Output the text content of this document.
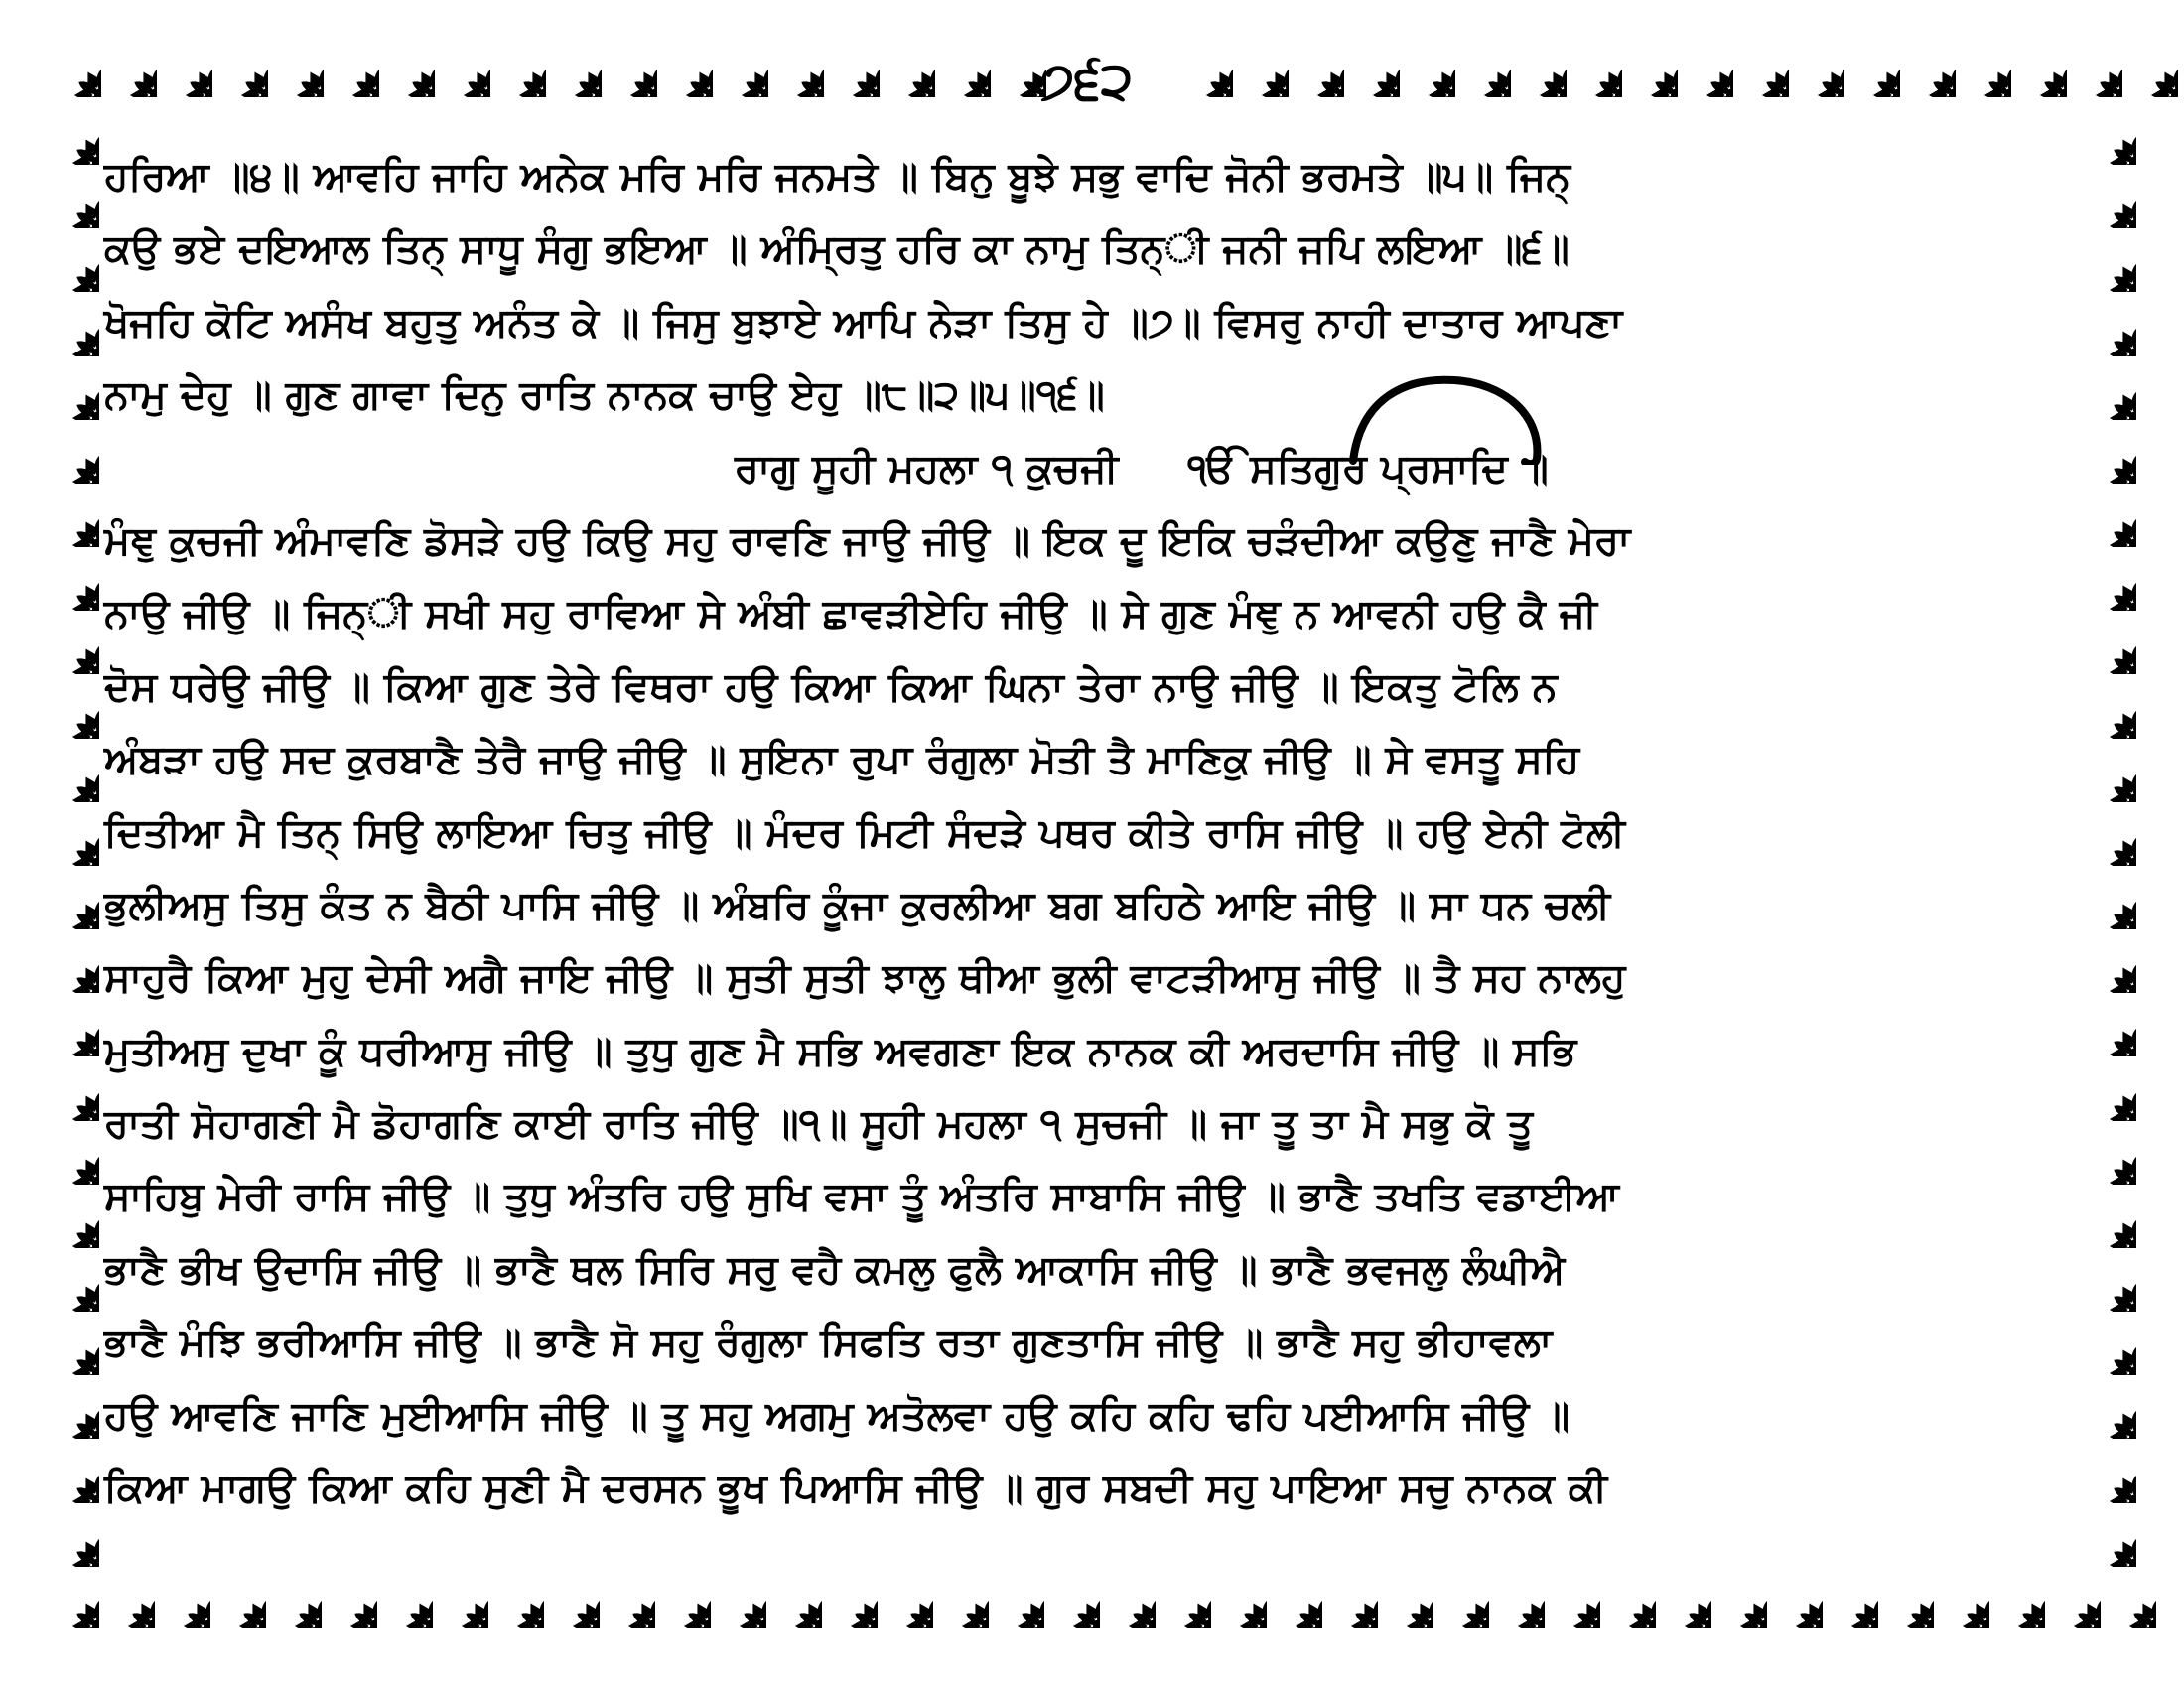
੭੬੨
ਹਰਿਆ ॥੪॥ ਆਵਹਿ ਜਾਹਿ ਅਨੇਕ ਮਰਿ ਮਰਿ ਜਨਮਤੇ ॥ ਬਿਨੁ ਬੂਝੇ ਸਭੁ ਵਾਦਿ ਜੋਨੀ ਭਰਮਤੇ ॥੫॥ ਜਿਨ੍
ਕਉ ਭਏ ਦਇਆਲ ਤਿਨ੍ ਸਾਧੂ ਸੰਗੁ ਭਇਆ ॥ ਅੰਮ੍ਰਿਤੁ ਹਰਿ ਕਾ ਨਾਮੁ ਤਿਨ੍ੀ ਜਨੀ ਜਪਿ ਲਇਆ ॥੬॥
ਖੋਜਹਿ ਕੋਟਿ ਅਸੰਖ ਬਹੁਤੁ ਅਨੰਤ ਕੇ ॥ ਜਿਸੁ ਬੁਝਾਏ ਆਪਿ ਨੇੜਾ ਤਿਸੁ ਹੇ ॥੭॥ ਵਿਸਰੁ ਨਾਹੀ ਦਾਤਾਰ ਆਪਣਾ
ਨਾਮੁ ਦੇਹੁ ॥ ਗੁਣ ਗਾਵਾ ਦਿਨੁ ਰਾਤਿ ਨਾਨਕ ਚਾਉ ਏਹੁ ॥੮॥੨॥੫॥੧੬॥
ਰਾਗੁ ਸੂਹੀ ਮਹਲਾ ੧ ਕੁਚਜੀ ੴ ਸਤਿਗੁਰ ਪ੍ਰਸਾਦਿ ॥
ਮੰਞੁ ਕੁਚਜੀ ਅੰਮਾਵਣਿ ਡੋਸੜੇ ਹਉ ਕਿਉ ਸਹੁ ਰਾਵਣਿ ਜਾਉ ਜੀਉ ॥ ਇਕ ਦੂ ਇਕਿ ਚੜੰਦੀਆ ਕਉਣੁ ਜਾਣੈ ਮੇਰਾ
ਨਾਉ ਜੀਉ ॥ ਜਿਨ੍ੀ ਸਖੀ ਸਹੁ ਰਾਵਿਆ ਸੇ ਅੰਬੀ ਛਾਵੜੀਏਹਿ ਜੀਉ ॥ ਸੇ ਗੁਣ ਮੰਞੁ ਨ ਆਵਨੀ ਹਉ ਕੈ ਜੀ
ਦੋਸ ਧਰੇਉ ਜੀਉ ॥ ਕਿਆ ਗੁਣ ਤੇਰੇ ਵਿਥਰਾ ਹਉ ਕਿਆ ਕਿਆ ਘਿਨਾ ਤੇਰਾ ਨਾਉ ਜੀਉ ॥ ਇਕਤੁ ਟੋਲਿ ਨ
ਅੰਬੜਾ ਹਉ ਸਦ ਕੁਰਬਾਣੈ ਤੇਰੈ ਜਾਉ ਜੀਉ ॥ ਸੁਇਨਾ ਰੁਪਾ ਰੰਗੁਲਾ ਮੋਤੀ ਤੈ ਮਾਣਿਕੁ ਜੀਉ ॥ ਸੇ ਵਸਤੂ ਸਹਿ
ਦਿਤੀਆ ਮੈ ਤਿਨ੍ ਸਿਉ ਲਾਇਆ ਚਿਤੁ ਜੀਉ ॥ ਮੰਦਰ ਮਿਟੀ ਸੰਦੜੇ ਪਥਰ ਕੀਤੇ ਰਾਸਿ ਜੀਉ ॥ ਹਉ ਏਨੀ ਟੋਲੀ
ਭੁਲੀਅਸੁ ਤਿਸੁ ਕੰਤ ਨ ਬੈਠੀ ਪਾਸਿ ਜੀਉ ॥ ਅੰਬਰਿ ਕੂੰਜਾ ਕੁਰਲੀਆ ਬਗ ਬਹਿਠੇ ਆਇ ਜੀਉ ॥ ਸਾ ਧਨ ਚਲੀ
ਸਾਹੁਰੈ ਕਿਆ ਮੁਹੁ ਦੇਸੀ ਅਗੈ ਜਾਇ ਜੀਉ ॥ ਸੁਤੀ ਸੁਤੀ ਝਾਲੁ ਥੀਆ ਭੁਲੀ ਵਾਟੜੀਆਸੁ ਜੀਉ ॥ ਤੈ ਸਹ ਨਾਲਹੁ
ਮੁਤੀਅਸੁ ਦੁਖਾ ਕੂੰ ਧਰੀਆਸੁ ਜੀਉ ॥ ਤੁਧੁ ਗੁਣ ਮੈ ਸਭਿ ਅਵਗਣਾ ਇਕ ਨਾਨਕ ਕੀ ਅਰਦਾਸਿ ਜੀਉ ॥ ਸਭਿ
ਰਾਤੀ ਸੋਹਾਗਣੀ ਮੈ ਡੋਹਾਗਣਿ ਕਾਈ ਰਾਤਿ ਜੀਉ ॥੧॥ ਸੂਹੀ ਮਹਲਾ ੧ ਸੁਚਜੀ ॥ ਜਾ ਤੂ ਤਾ ਮੈ ਸਭੁ ਕੋ ਤੂ
ਸਾਹਿਬੁ ਮੇਰੀ ਰਾਸਿ ਜੀਉ ॥ ਤੁਧੁ ਅੰਤਰਿ ਹਉ ਸੁਖਿ ਵਸਾ ਤੂੰ ਅੰਤਰਿ ਸਾਬਾਸਿ ਜੀਉ ॥ ਭਾਣੈ ਤਖਤਿ ਵਡਾਈਆ
ਭਾਣੈ ਭੀਖ ਉਦਾਸਿ ਜੀਉ ॥ ਭਾਣੈ ਥਲ ਸਿਰਿ ਸਰੁ ਵਹੈ ਕਮਲੁ ਫੁਲੈ ਆਕਾਸਿ ਜੀਉ ॥ ਭਾਣੈ ਭਵਜਲੁ ਲੰਘੀਐ
ਭਾਣੈ ਮੰਝਿ ਭਰੀਆਸਿ ਜੀਉ ॥ ਭਾਣੈ ਸੋ ਸਹੁ ਰੰਗੁਲਾ ਸਿਫਤਿ ਰਤਾ ਗੁਣਤਾਸਿ ਜੀਉ ॥ ਭਾਣੈ ਸਹੁ ਭੀਹਾਵਲਾ
ਹਉ ਆਵਣਿ ਜਾਣਿ ਮੁਈਆਸਿ ਜੀਉ ॥ ਤੂ ਸਹੁ ਅਗਮੁ ਅਤੋਲਵਾ ਹਉ ਕਹਿ ਕਹਿ ਢਹਿ ਪਈਆਸਿ ਜੀਉ ॥
ਕਿਆ ਮਾਗਉ ਕਿਆ ਕਹਿ ਸੁਣੀ ਮੈ ਦਰਸਨ ਭੂਖ ਪਿਆਸਿ ਜੀਉ ॥ ਗੁਰ ਸਬਦੀ ਸਹੁ ਪਾਇਆ ਸਚੁ ਨਾਨਕ ਕੀ
